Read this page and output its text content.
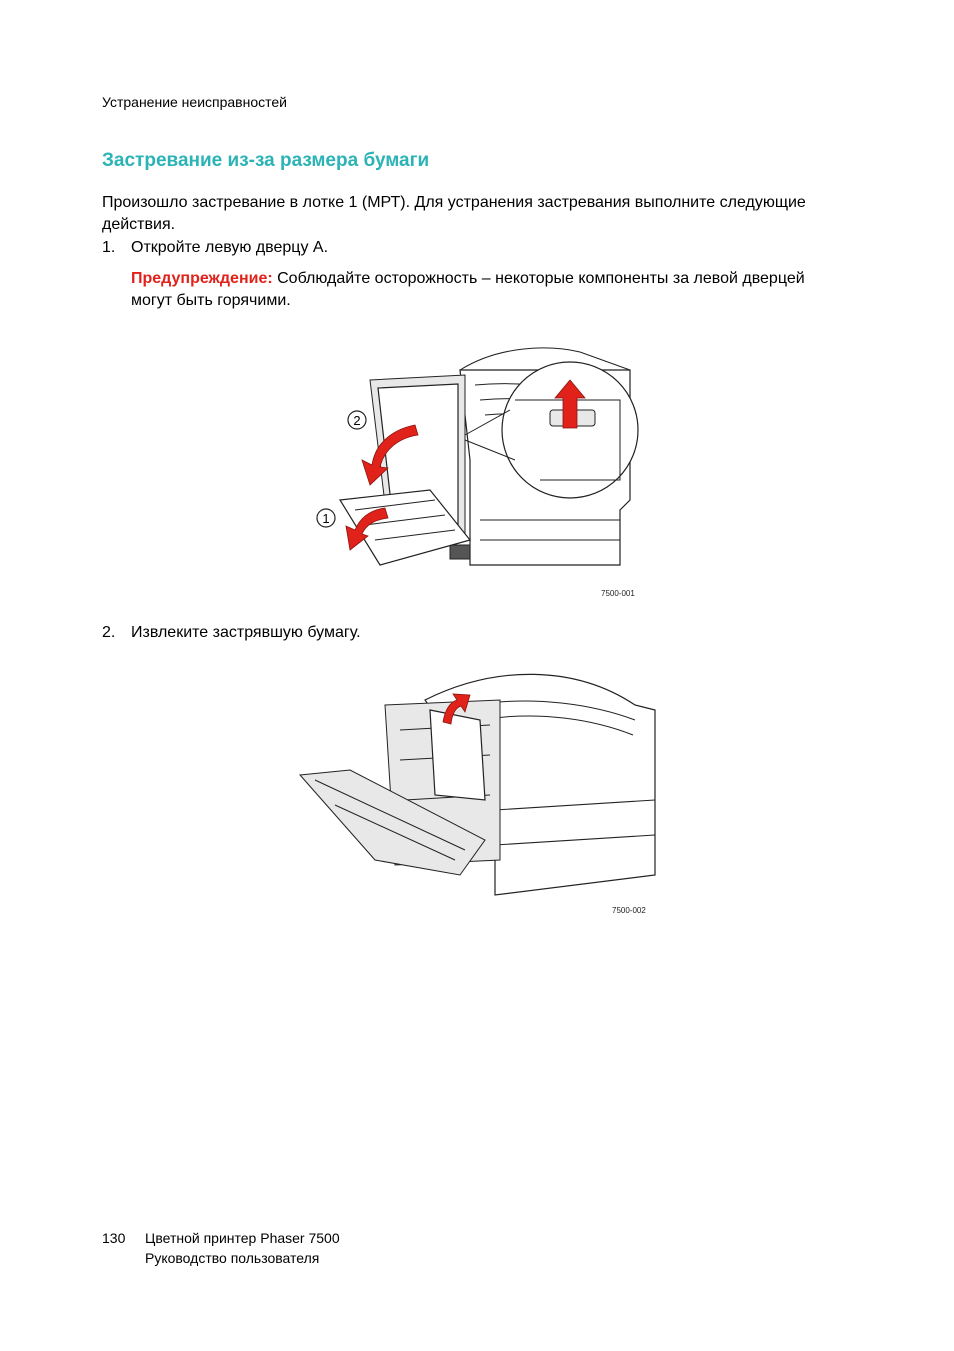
Устранение неисправностей
Застревание из-за размера бумаги
Произошло застревание в лотке 1 (МРТ). Для устранения застревания выполните следующие действия.
1. Откройте левую дверцу A.
Предупреждение: Соблюдайте осторожность – некоторые компоненты за левой дверцей могут быть горячими.
2
1
7500-001
2. Извлеките застрявшую бумагу.
7500-002
130 Цветной принтер Phaser 7500
Руководство пользователя
